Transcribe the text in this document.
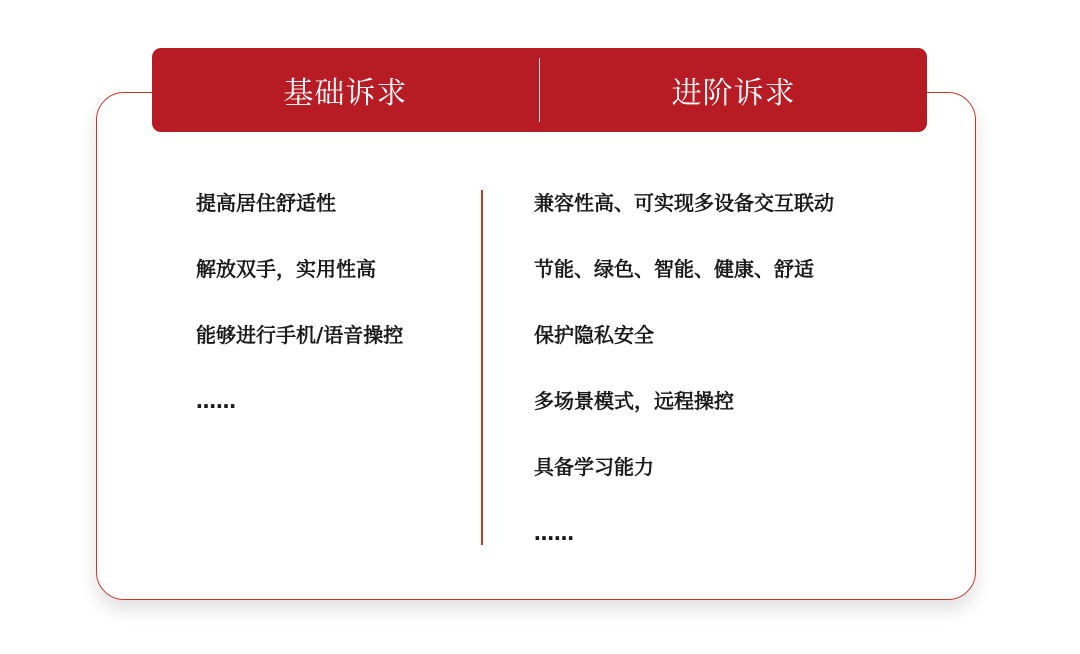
基础诉求	进阶诉求
提高居住舒适性
解放双手，实用性高
能够进行手机/语音操控
……
兼容性高、可实现多设备交互联动
节能、绿色、智能、健康、舒适
保护隐私安全
多场景模式，远程操控
具备学习能力
……
